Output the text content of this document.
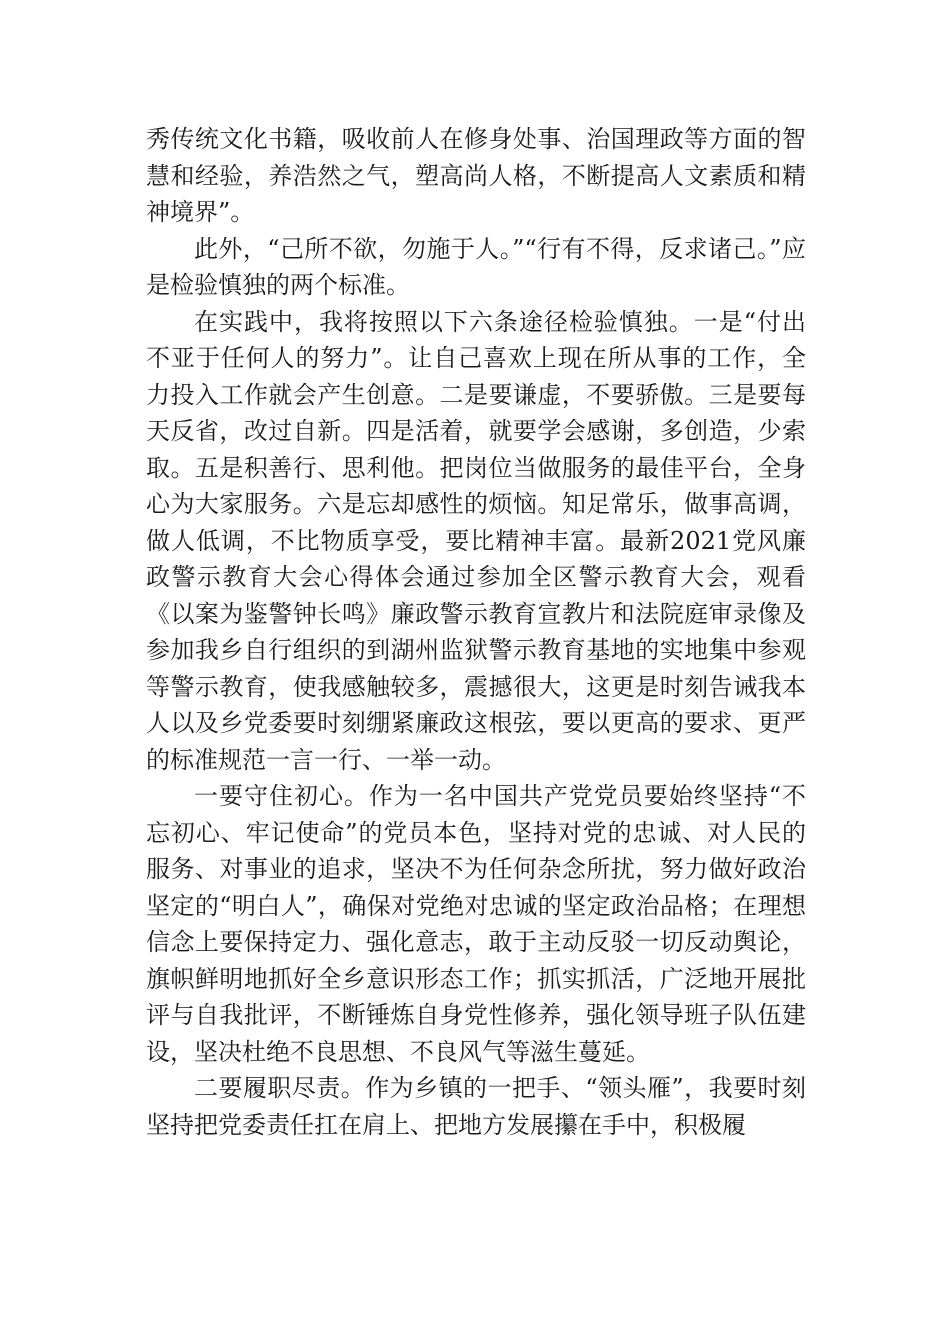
秀传统文化书籍，吸收前人在修身处事、治国理政等方面的智慧和经验，养浩然之气，塑高尚人格，不断提高人文素质和精神境界”。

此外，“己所不欲，勿施于人。”“行有不得，反求诸己。”应是检验慎独的两个标准。

在实践中，我将按照以下六条途径检验慎独。一是“付出不亚于任何人的努力”。让自己喜欢上现在所从事的工作，全力投入工作就会产生创意。二是要谦虚，不要骄傲。三是要每天反省，改过自新。四是活着，就要学会感谢，多创造，少索取。五是积善行、思利他。把岗位当做服务的最佳平台，全身心为大家服务。六是忘却感性的烦恼。知足常乐，做事高调，做人低调，不比物质享受，要比精神丰富。最新2021党风廉政警示教育大会心得体会通过参加全区警示教育大会，观看《以案为鉴警钟长鸣》廉政警示教育宣教片和法院庭审录像及参加我乡自行组织的到湖州监狱警示教育基地的实地集中参观等警示教育，使我感触较多，震撼很大，这更是时刻告诫我本人以及乡党委要时刻绷紧廉政这根弦，要以更高的要求、更严的标准规范一言一行、一举一动。

一要守住初心。作为一名中国共产党党员要始终坚持“不忘初心、牢记使命”的党员本色，坚持对党的忠诚、对人民的服务、对事业的追求，坚决不为任何杂念所扰，努力做好政治坚定的“明白人”，确保对党绝对忠诚的坚定政治品格；在理想信念上要保持定力、强化意志，敢于主动反驳一切反动舆论，旗帜鲜明地抓好全乡意识形态工作；抓实抓活，广泛地开展批评与自我批评，不断锤炼自身党性修养，强化领导班子队伍建设，坚决杜绝不良思想、不良风气等滋生蔓延。

二要履职尽责。作为乡镇的一把手、“领头雁”，我要时刻坚持把党委责任扛在肩上、把地方发展攥在手中，积极履
